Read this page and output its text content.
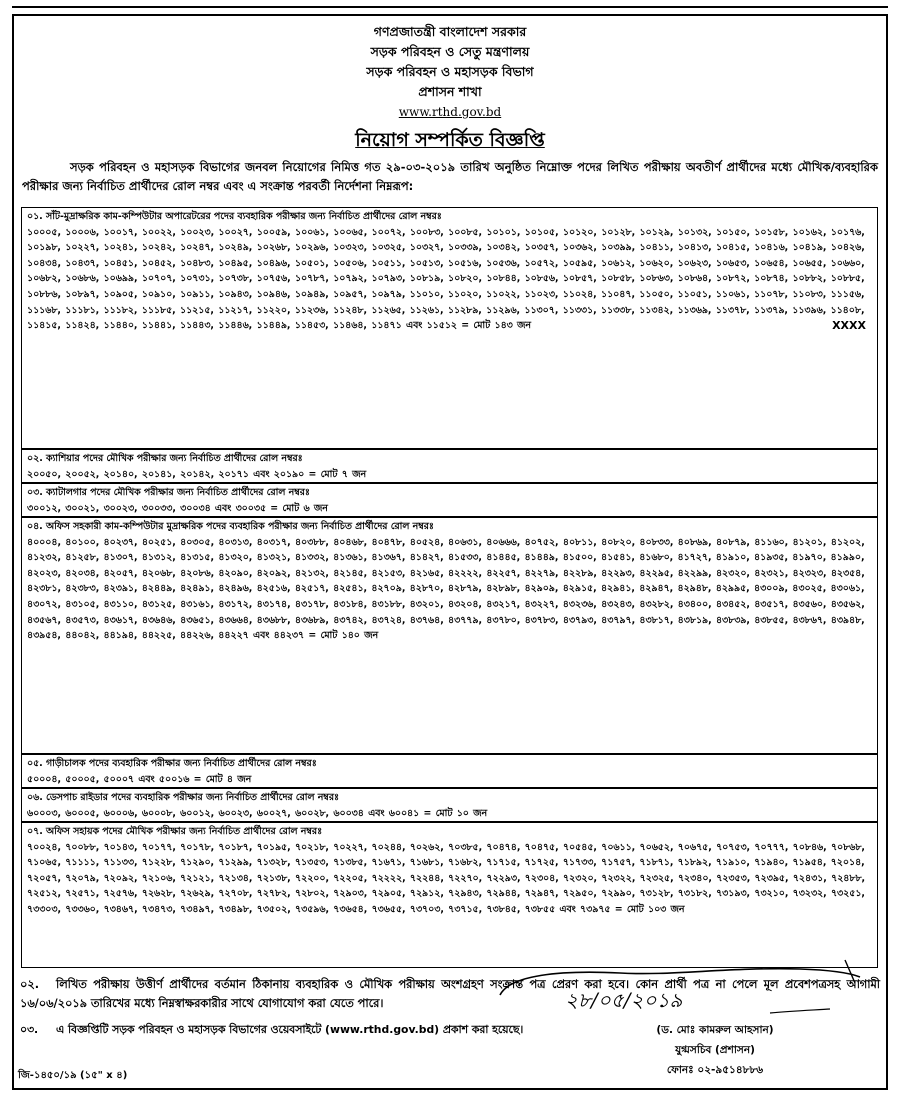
গণপ্রজাতন্ত্রী বাংলাদেশ সরকার
সড়ক পরিবহন ও সেতু মন্ত্রণালয়
সড়ক পরিবহন ও মহাসড়ক বিভাগ
প্রশাসন শাখা
www.rthd.gov.bd
নিয়োগ সম্পর্কিত বিজ্ঞপ্তি
সড়ক পরিবহন ও মহাসড়ক বিভাগের জনবল নিয়োগের নিমিত্ত গত ২৯-০৩-২০১৯ তারিখ অনুষ্ঠিত নিম্নোক্ত পদের লিখিত পরীক্ষায় অবতীর্ণ প্রার্থীদের মধ্যে মৌখিক/ব্যবহারিক পরীক্ষার জন্য নির্বাচিত প্রার্থীদের রোল নম্বর এবং এ সংক্রান্ত পরবর্তী নির্দেশনা নিম্নরূপ:
০১. সাঁট-মুদ্রাক্ষরিক কাম-কম্পিউটার অপারেটরের পদের ব্যবহারিক পরীক্ষার জন্য নির্বাচিত প্রার্থীদের রোল নম্বরঃ
১০০০৫, ১০০০৬, ১০০১৭, ১০০২২, ১০০২৩, ১০০২৭, ১০০৫৯, ১০০৬১, ১০০৬৫, ১০০৭২, ১০০৮৩, ১০০৮৫, ১০১০১, ১০১০৫, ১০১২০, ১০১২৮, ১০১২৯, ১০১৩২, ১০১৫০, ১০১৫৮, ১০১৬২, ১০১৭৬, ১০১৯৮, ১০২২৭, ১০২৪১, ১০২৪২, ১০২৪৭, ১০২৪৯, ১০২৬৮, ১০২৯৬, ১০৩২৩, ১০৩২৫, ১০৩২৭, ১০৩৩৯, ১০৩৪২, ১০৩৫৭, ১০৩৬২, ১০৩৯৯, ১০৪১১, ১০৪১৩, ১০৪১৫, ১০৪১৬, ১০৪১৯, ১০৪২৬, ১০৪৩৪, ১০৪৩৭, ১০৪৫১, ১০৪৫২, ১০৪৮৩, ১০৪৯৫, ১০৪৯৬, ১০৫০১, ১০৫০৬, ১০৫১১, ১০৫১৩, ১০৫১৬, ১০৫৩৬, ১০৫৭২, ১০৫৯৫, ১০৬১২, ১০৬২০, ১০৬২৩, ১০৬৫৩, ১০৬৫৪, ১০৬৫৫, ১০৬৬০, ১০৬৮২, ১০৬৮৬, ১০৬৯৯, ১০৭০৭, ১০৭৩১, ১০৭৩৮, ১০৭৫৬, ১০৭৮৭, ১০৭৯২, ১০৭৯৩, ১০৮১৯, ১০৮২০, ১০৮৪৪, ১০৮৫৬, ১০৮৫৭, ১০৮৫৮, ১০৮৬৩, ১০৮৬৪, ১০৮৭২, ১০৮৭৪, ১০৮৮২, ১০৮৮৫, ১০৮৮৬, ১০৮৯৭, ১০৯০৫, ১০৯১০, ১০৯১১, ১০৯৪৩, ১০৯৪৬, ১০৯৪৯, ১০৯৫৭, ১০৯৭৯, ১১০১০, ১১০২০, ১১০২২, ১১০২৩, ১১০২৪, ১১০৪৭, ১১০৫০, ১১০৫১, ১১০৬১, ১১০৭৮, ১১০৮৩, ১১১৫৬, ১১১৬৮, ১১১৮১, ১১১৮২, ১১১৮৫, ১১২১৫, ১১২১৭, ১১২২০, ১১২৩৬, ১১২৪৮, ১১২৬৫, ১১২৬১, ১১২৮৯, ১১২৯৬, ১১৩০৭, ১১৩৩১, ১১৩৩৮, ১১৩৪২, ১১৩৬৯, ১১৩৭৮, ১১৩৭৯, ১১৩৯৬, ১১৪০৮, ১১৪১৫, ১১৪২৪, ১১৪৪০, ১১৪৪১, ১১৪৪৩, ১১৪৪৬, ১১৪৪৯, ১১৪৫৩, ১১৪৬৪, ১১৪৭১ এবং ১১৫১২ = মোট ১৪৩ জন	XXXX
০২. ক্যাশিয়ার পদের মৌখিক পরীক্ষার জন্য নির্বাচিত প্রার্থীদের রোল নম্বরঃ
২০০৫০, ২০০৫২, ২০১৪০, ২০১৪১, ২০১৪২, ২০১৭১ এবং ২০১৯০ = মোট ৭ জন
০৩. ক্যাটালগার পদের মৌখিক পরীক্ষার জন্য নির্বাচিত প্রার্থীদের রোল নম্বরঃ
৩০০১২, ৩০০২১, ৩০০২৩, ৩০০৩৩, ৩০০৩৪ এবং ৩০০৩৫ = মোট ৬ জন
০৪. অফিস সহকারী কাম-কম্পিউটার মুদ্রাক্ষরিক পদের ব্যবহারিক পরীক্ষার জন্য নির্বাচিত প্রার্থীদের রোল নম্বরঃ
৪০০০৪, ৪০১০০, ৪০২৩৭, ৪০২৫১, ৪০৩০৫, ৪০৩১৩, ৪০৩১৭, ৪০৩৮৮, ৪০৪৬৮, ৪০৪৭৮, ৪০৫২৪, ৪০৬৩১, ৪০৬৬৬, ৪০৭৫২, ৪০৮১১, ৪০৮২০, ৪০৮৩৩, ৪০৮৬৯, ৪০৮৭৯, ৪১১৬০, ৪১২০১, ৪১২০২, ৪১২৩২, ৪১২৫৮, ৪১৩০৭, ৪১৩১২, ৪১৩১৫, ৪১৩২০, ৪১৩২১, ৪১৩৩২, ৪১৩৬১, ৪১৩৬৭, ৪১৪২৭, ৪১৫৩৩, ৪১৪৪৫, ৪১৪৪৯, ৪১৫০০, ৪১৫৪১, ৪১৬৮০, ৪১৭২৭, ৪১৯১০, ৪১৯৩৫, ৪১৯৭০, ৪১৯৯০, ৪২০২৩, ৪২০৩৪, ৪২০৫৭, ৪২০৬৮, ৪২০৮৬, ৪২০৯০, ৪২০৯২, ৪২১৩২, ৪২১৪৫, ৪২১৫৩, ৪২১৬৫, ৪২২২২, ৪২২৫৭, ৪২২৭৯, ৪২২৮৯, ৪২২৯৩, ৪২২৯৫, ৪২২৯৯, ৪২৩২০, ৪২৩২১, ৪২৩২৩, ৪২৩৫৪, ৪২৩৮১, ৪২৩৮৩, ৪২৩৯১, ৪২৪৪৯, ৪২৪৯১, ৪২৪৯৬, ৪২৫১৬, ৪২৫১৭, ৪২৫৪১, ৪২৭০৯, ৪২৮৭০, ৪২৮৭৯, ৪২৮৯৮, ৪২৯০৯, ৪২৯১৫, ৪২৯৪১, ৪২৯৪৭, ৪২৯৪৮, ৪২৯৯৫, ৪৩০০৯, ৪৩০২৫, ৪৩০৬১, ৪৩০৭২, ৪৩১০৫, ৪৩১১০, ৪৩১২৫, ৪৩১৬১, ৪৩১৭২, ৪৩১৭৪, ৪৩১৭৮, ৪৩১৮৪, ৪৩১৮৮, ৪৩২০১, ৪৩২০৪, ৪৩২১৭, ৪৩২২৭, ৪৩২৩৬, ৪৩২৪৩, ৪৩২৮২, ৪৩৪০০, ৪৩৪৫২, ৪৩৫১৭, ৪৩৫৬০, ৪৩৫৬২, ৪৩৫৬৭, ৪৩৫৭৩, ৪৩৬১৭, ৪৩৬৪৬, ৪৩৬৫১, ৪৩৬৬৪, ৪৩৬৮৮, ৪৩৬৮৯, ৪৩৭৪২, ৪৩৭২৪, ৪৩৭৬৪, ৪৩৭৭৯, ৪৩৭৮০, ৪৩৭৮৩, ৪৩৭৯৩, ৪৩৭৯৭, ৪৩৮১৭, ৪৩৮১৯, ৪৩৮৩৯, ৪৩৮৫৫, ৪৩৮৬৭, ৪৩৯৪৮, ৪৩৯৫৪, ৪৪০৪২, ৪৪১৯৪, ৪৪২২৫, ৪৪২২৬, ৪৪২২৭ এবং ৪৪২৩৭ = মোট ১৪০ জন
০৫. গাড়ীচালক পদের ব্যবহারিক পরীক্ষার জন্য নির্বাচিত প্রার্থীদের রোল নম্বরঃ
৫০০০৪, ৫০০০৫, ৫০০০৭ এবং ৫০০১৬ = মোট ৪ জন
০৬. ডেসপাচ রাইডার পদের ব্যবহারিক পরীক্ষার জন্য নির্বাচিত প্রার্থীদের রোল নম্বরঃ
৬০০০৩, ৬০০০৫, ৬০০০৬, ৬০০০৮, ৬০০১২, ৬০০২৩, ৬০০২৭, ৬০০২৮, ৬০০৩৪ এবং ৬০০৪১ = মোট ১০ জন
০৭. অফিস সহায়ক পদের মৌখিক পরীক্ষার জন্য নির্বাচিত প্রার্থীদের রোল নম্বরঃ
৭০০২৪, ৭০০৮৮, ৭০১৪৩, ৭০১৭৭, ৭০১৭৮, ৭০১৮৭, ৭০১৯৫, ৭০২১৮, ৭০২২৭, ৭০২৪৪, ৭০২৬২, ৭০৩৮৫, ৭০৪৭৪, ৭০৪৭৫, ৭০৫৪৫, ৭০৬১১, ৭০৬৫২, ৭০৬৭৫, ৭০৭৫৩, ৭০৭৭৭, ৭০৮৪৬, ৭০৮৬৮, ৭১০৬৫, ৭১১১১, ৭১১৩৩, ৭১২২৮, ৭১২৯০, ৭১২৯৯, ৭১৩২৮, ৭১৩৫৩, ৭১৩৮৫, ৭১৬৭১, ৭১৬৮১, ৭১৬৮২, ৭১৭১৫, ৭১৭২৫, ৭১৭৩৩, ৭১৭৫৭, ৭১৮৭১, ৭১৮৯২, ৭১৯১০, ৭১৯৪০, ৭১৯৫৪, ৭২০১৪, ৭২০৫৭, ৭২০৭৯, ৭২০৯২, ৭২১০৬, ৭২১২১, ৭২১৩৪, ৭২১৩৮, ৭২২০০, ৭২২০৫, ৭২২২২, ৭২২৪৪, ৭২২৭০, ৭২২৯৩, ৭২৩০৪, ৭২৩২০, ৭২৩২২, ৭২৩২৫, ৭২৩৪০, ৭২৩৫৩, ৭২৩৯৫, ৭২৪৩১, ৭২৪৮৮, ৭২৫১২, ৭২৫৭১, ৭২৫৭৬, ৭২৬২৮, ৭২৬২৯, ৭২৭০৮, ৭২৭৮২, ৭২৮০২, ৭২৯০৩, ৭২৯০৫, ৭২৯১২, ৭২৯৪৩, ৭২৯৪৪, ৭২৯৪৭, ৭২৯৫০, ৭২৯৯০, ৭৩১২৮, ৭৩১৮২, ৭৩১৯৩, ৭৩২১০, ৭৩২৩২, ৭৩২৫১, ৭৩৩০৩, ৭৩৩৬০, ৭৩৪৬৭, ৭৩৪৭৩, ৭৩৪৯৭, ৭৩৪৯৮, ৭৩৫০২, ৭৩৫৯৬, ৭৩৬৫৪, ৭৩৬৫৫, ৭৩৭০৩, ৭৩৭১৫, ৭৩৮৪৫, ৭৩৮৫৫ এবং ৭৩৯৭৫ = মোট ১০৩ জন
০২. লিখিত পরীক্ষায় উত্তীর্ণ প্রার্থীদের বর্তমান ঠিকানায় ব্যবহারিক ও মৌখিক পরীক্ষায় অংশগ্রহণ সংক্রান্ত পত্র প্রেরণ করা হবে। কোন প্রার্থী পত্র না পেলে মূল প্রবেশপত্রসহ আগামী ১৬/০৬/২০১৯ তারিখের মধ্যে নিম্নস্বাক্ষরকারীর সাথে যোগাযোগ করা যেতে পারে।
০৩. এ বিজ্ঞপ্তিটি সড়ক পরিবহন ও মহাসড়ক বিভাগের ওয়েবসাইটে (www.rthd.gov.bd) প্রকাশ করা হয়েছে।
২৮/০৫/২০১৯
(ড. মোঃ কামরুল আহসান)
যুগ্মসচিব (প্রশাসন)
ফোনঃ ০২-৯৫১৪৮৮৬
জি-১৪৫০/১৯ (১৫" x ৪)
